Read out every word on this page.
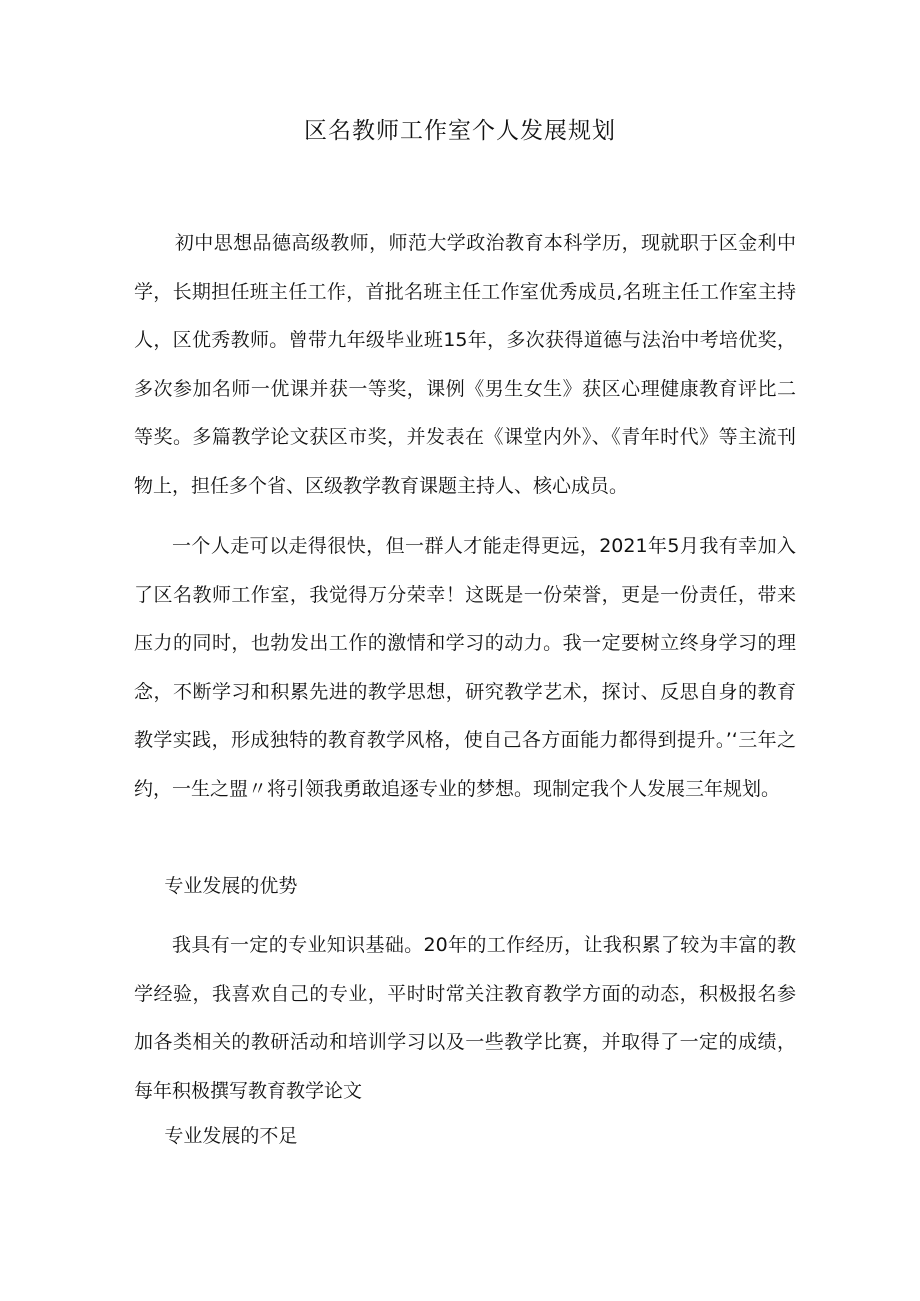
区名教师工作室个人发展规划
初中思想品德高级教师，师范大学政治教育本科学历，现就职于区金利中学，长期担任班主任工作，首批名班主任工作室优秀成员,名班主任工作室主持人，区优秀教师。曾带九年级毕业班15年，多次获得道德与法治中考培优奖，多次参加名师一优课并获一等奖，课例《男生女生》获区心理健康教育评比二等奖。多篇教学论文获区市奖，并发表在《课堂内外》、《青年时代》等主流刊物上，担任多个省、区级教学教育课题主持人、核心成员。
一个人走可以走得很快，但一群人才能走得更远，2021年5月我有幸加入了区名教师工作室，我觉得万分荣幸！这既是一份荣誉，更是一份责任，带来压力的同时，也勃发出工作的激情和学习的动力。我一定要树立终身学习的理念，不断学习和积累先进的教学思想，研究教学艺术，探讨、反思自身的教育教学实践，形成独特的教育教学风格，使自己各方面能力都得到提升。’‘三年之约，一生之盟〃将引领我勇敢追逐专业的梦想。现制定我个人发展三年规划。
专业发展的优势
我具有一定的专业知识基础。20年的工作经历，让我积累了较为丰富的教学经验，我喜欢自己的专业，平时时常关注教育教学方面的动态，积极报名参加各类相关的教研活动和培训学习以及一些教学比赛，并取得了一定的成绩，每年积极撰写教育教学论文
专业发展的不足
